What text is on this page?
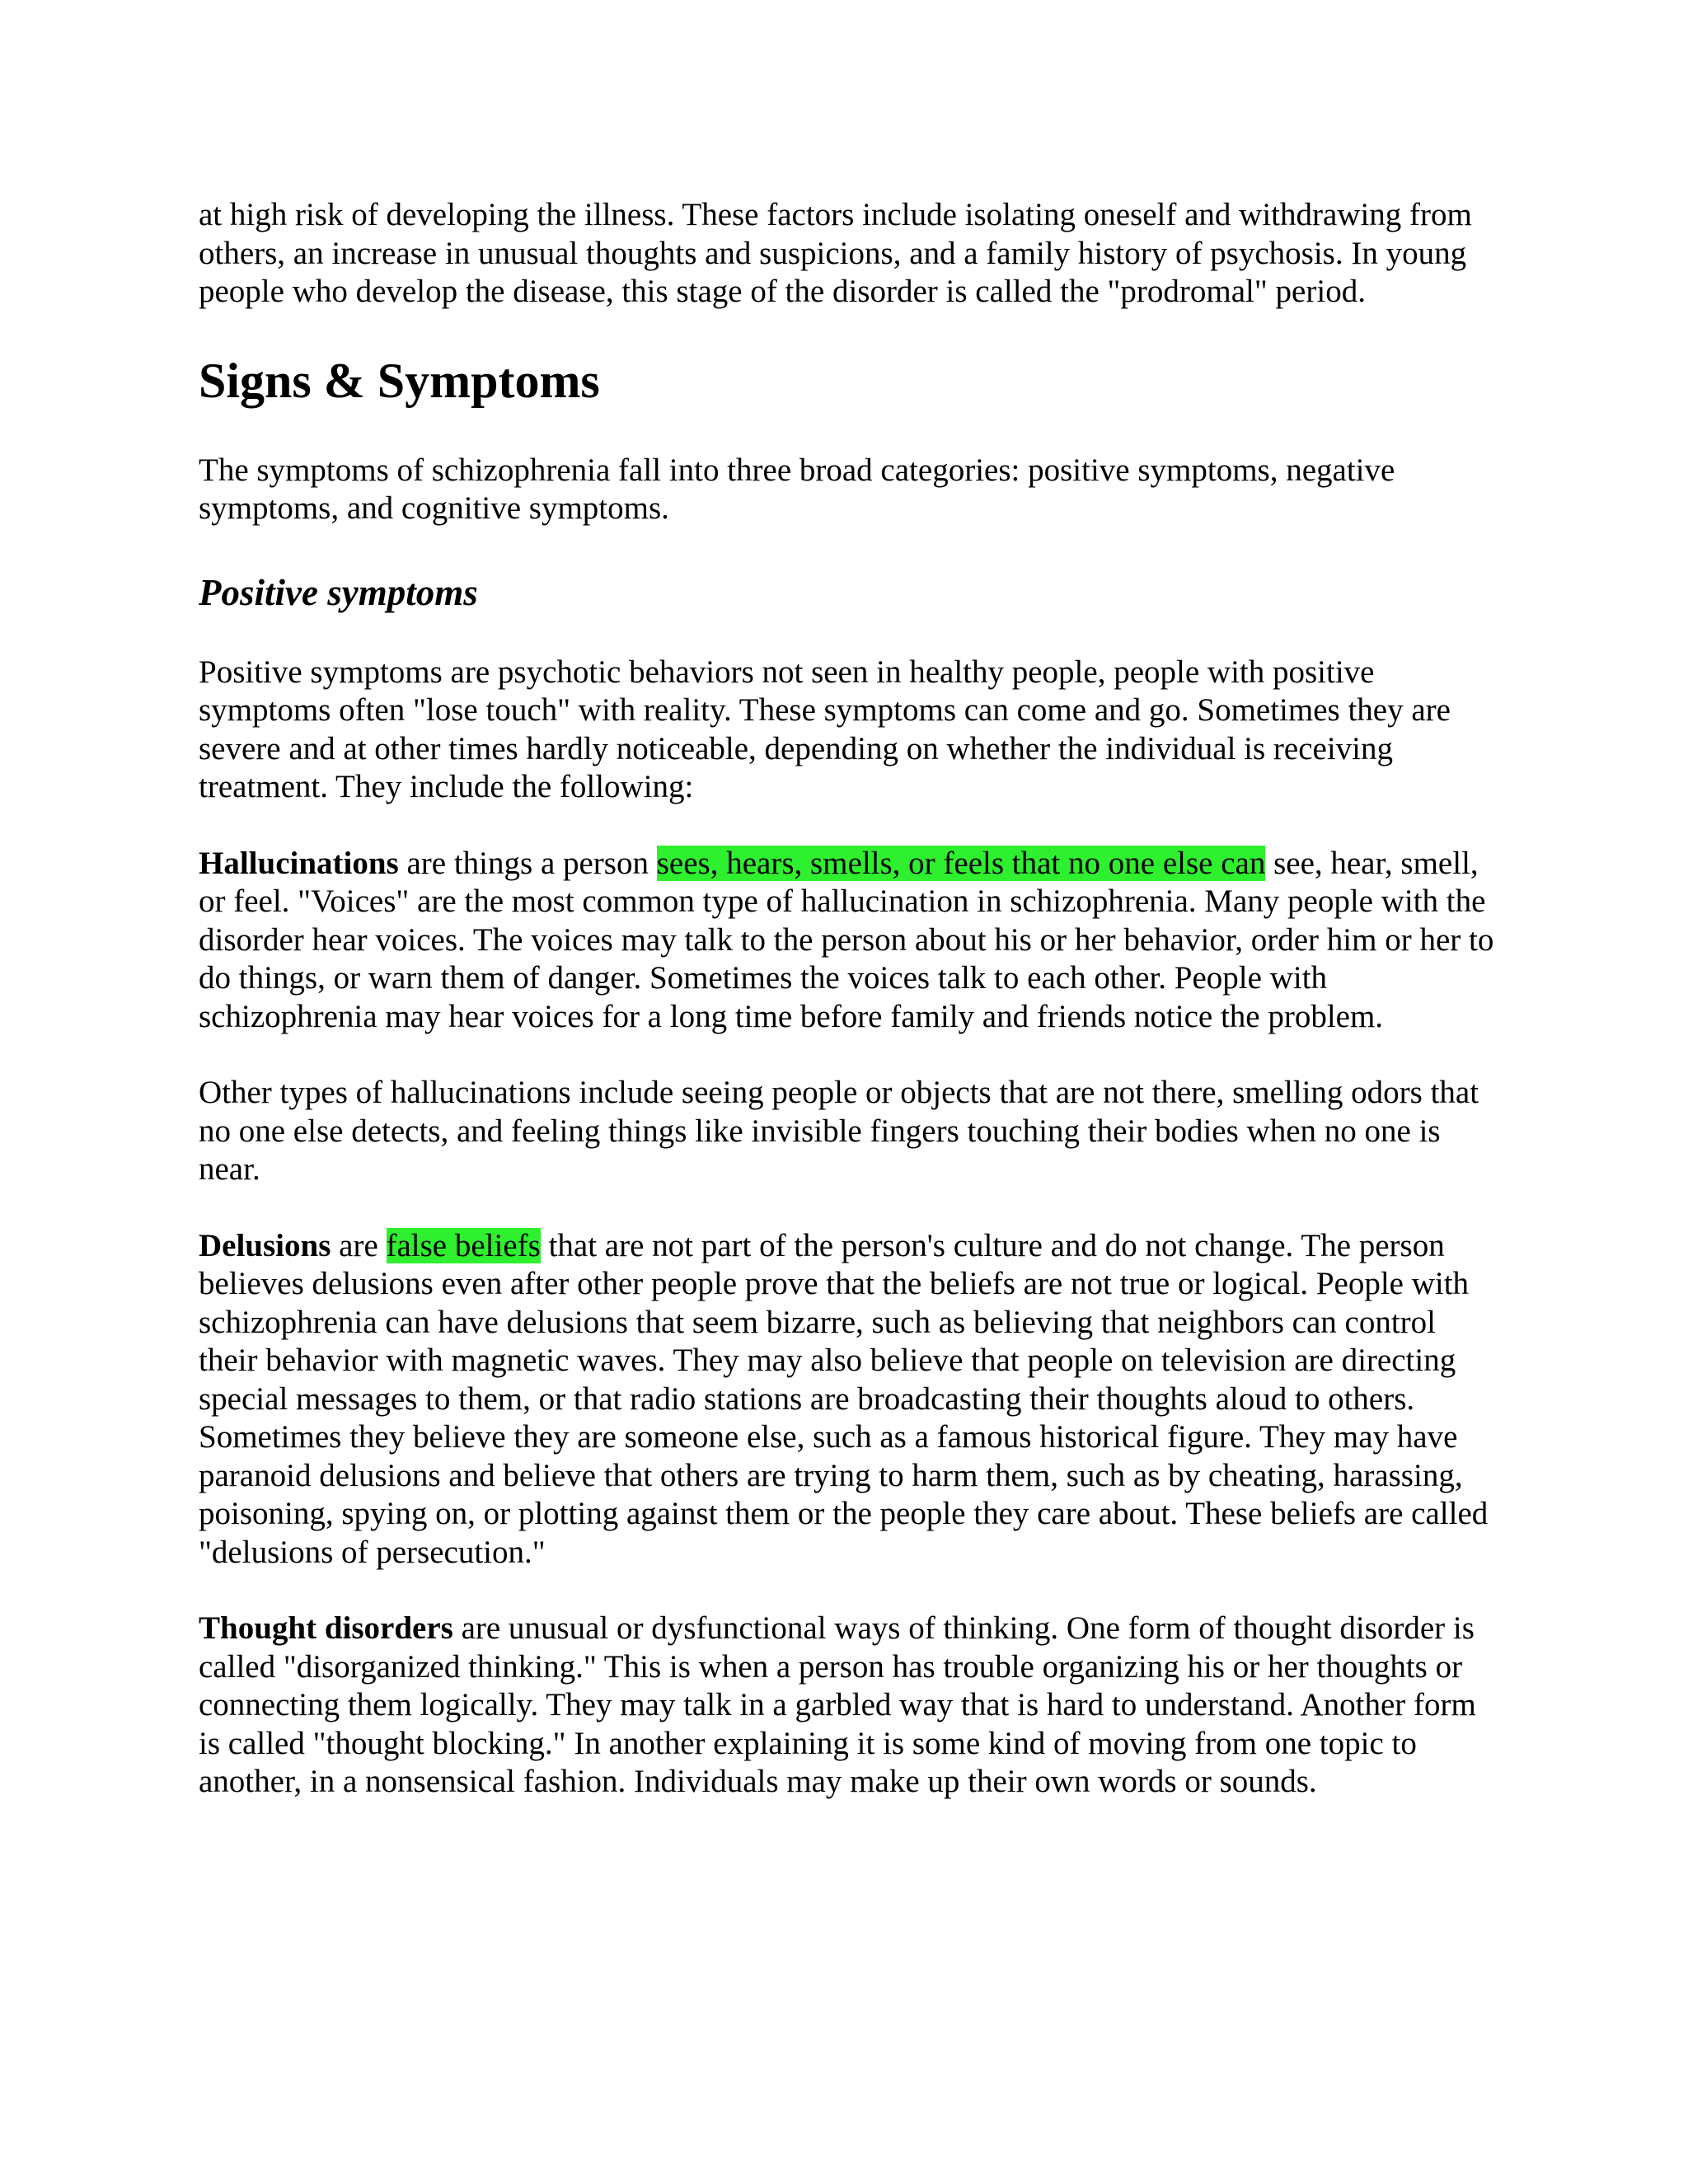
at high risk of developing the illness. These factors include isolating oneself and withdrawing from others, an increase in unusual thoughts and suspicions, and a family history of psychosis. In young people who develop the disease, this stage of the disorder is called the "prodromal" period.

Signs & Symptoms

The symptoms of schizophrenia fall into three broad categories: positive symptoms, negative symptoms, and cognitive symptoms.

Positive symptoms

Positive symptoms are psychotic behaviors not seen in healthy people, people with positive symptoms often "lose touch" with reality. These symptoms can come and go. Sometimes they are severe and at other times hardly noticeable, depending on whether the individual is receiving treatment. They include the following:

Hallucinations are things a person sees, hears, smells, or feels that no one else can see, hear, smell, or feel. "Voices" are the most common type of hallucination in schizophrenia. Many people with the disorder hear voices. The voices may talk to the person about his or her behavior, order him or her to do things, or warn them of danger. Sometimes the voices talk to each other. People with schizophrenia may hear voices for a long time before family and friends notice the problem.

Other types of hallucinations include seeing people or objects that are not there, smelling odors that no one else detects, and feeling things like invisible fingers touching their bodies when no one is near.

Delusions are false beliefs that are not part of the person's culture and do not change. The person believes delusions even after other people prove that the beliefs are not true or logical. People with schizophrenia can have delusions that seem bizarre, such as believing that neighbors can control their behavior with magnetic waves. They may also believe that people on television are directing special messages to them, or that radio stations are broadcasting their thoughts aloud to others. Sometimes they believe they are someone else, such as a famous historical figure. They may have paranoid delusions and believe that others are trying to harm them, such as by cheating, harassing, poisoning, spying on, or plotting against them or the people they care about. These beliefs are called "delusions of persecution."

Thought disorders are unusual or dysfunctional ways of thinking. One form of thought disorder is called "disorganized thinking." This is when a person has trouble organizing his or her thoughts or connecting them logically. They may talk in a garbled way that is hard to understand. Another form is called "thought blocking." In another explaining it is some kind of moving from one topic to another, in a nonsensical fashion. Individuals may make up their own words or sounds.
